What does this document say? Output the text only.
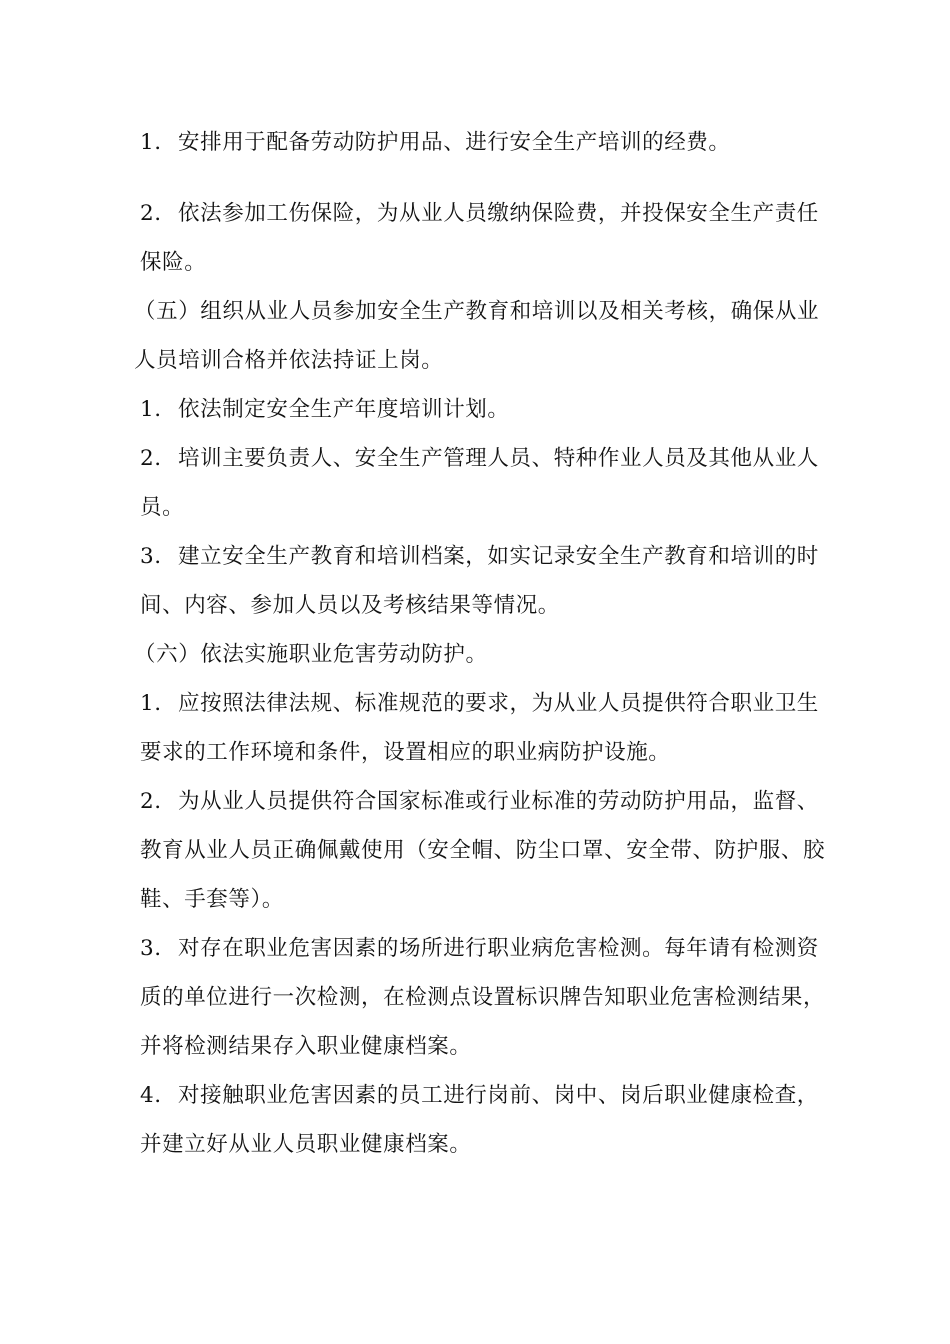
1. 安排用于配备劳动防护用品、进行安全生产培训的经费。

2. 依法参加工伤保险，为从业人员缴纳保险费，并投保安全生产责任保险。

（五）组织从业人员参加安全生产教育和培训以及相关考核，确保从业人员培训合格并依法持证上岗。

1. 依法制定安全生产年度培训计划。

2. 培训主要负责人、安全生产管理人员、特种作业人员及其他从业人员。

3. 建立安全生产教育和培训档案，如实记录安全生产教育和培训的时间、内容、参加人员以及考核结果等情况。

（六）依法实施职业危害劳动防护。

1. 应按照法律法规、标准规范的要求，为从业人员提供符合职业卫生要求的工作环境和条件，设置相应的职业病防护设施。

2. 为从业人员提供符合国家标准或行业标准的劳动防护用品，监督、教育从业人员正确佩戴使用（安全帽、防尘口罩、安全带、防护服、胶鞋、手套等）。

3. 对存在职业危害因素的场所进行职业病危害检测。每年请有检测资质的单位进行一次检测，在检测点设置标识牌告知职业危害检测结果，并将检测结果存入职业健康档案。

4. 对接触职业危害因素的员工进行岗前、岗中、岗后职业健康检查，并建立好从业人员职业健康档案。
